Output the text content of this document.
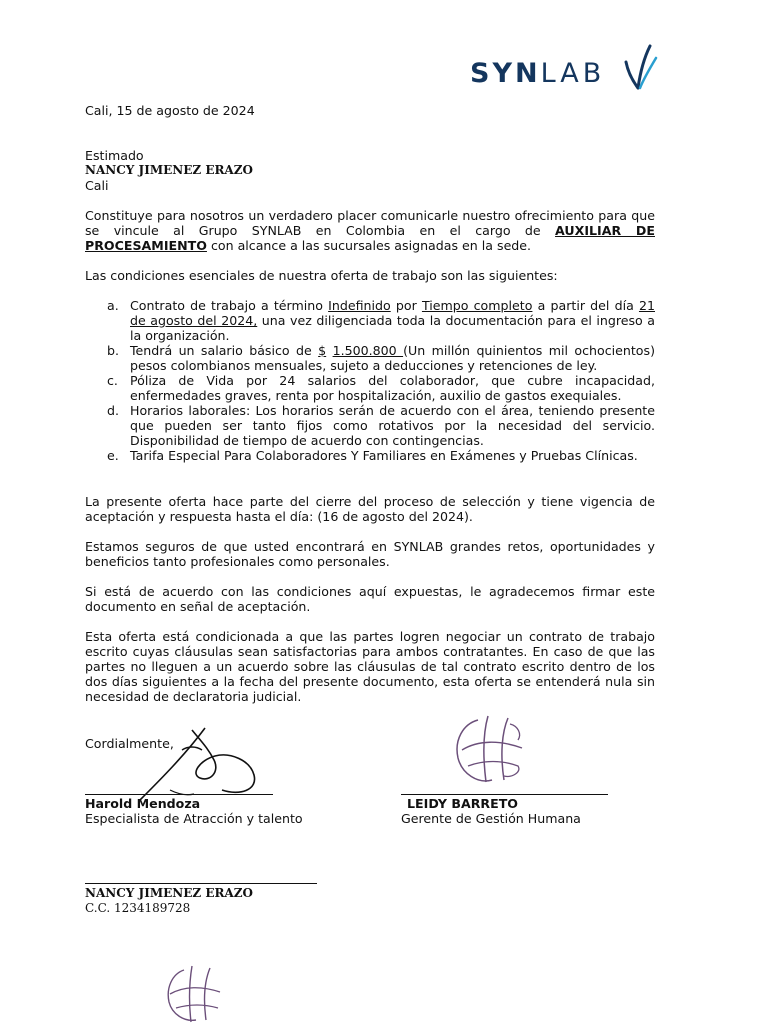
SYNLAB
Cali, 15 de agosto de 2024
Estimado
NANCY JIMENEZ ERAZO
Cali
Constituye para nosotros un verdadero placer comunicarle nuestro ofrecimiento para que se vincule al Grupo SYNLAB en Colombia en el cargo de AUXILIAR DE PROCESAMIENTO con alcance a las sucursales asignadas en la sede.
Las condiciones esenciales de nuestra oferta de trabajo son las siguientes:
a. Contrato de trabajo a término Indefinido por Tiempo completo a partir del día 21 de agosto del 2024, una vez diligenciada toda la documentación para el ingreso a la organización.
b. Tendrá un salario básico de $ 1.500.800 (Un millón quinientos mil ochocientos) pesos colombianos mensuales, sujeto a deducciones y retenciones de ley.
c. Póliza de Vida por 24 salarios del colaborador, que cubre incapacidad, enfermedades graves, renta por hospitalización, auxilio de gastos exequiales.
d. Horarios laborales: Los horarios serán de acuerdo con el área, teniendo presente que pueden ser tanto fijos como rotativos por la necesidad del servicio. Disponibilidad de tiempo de acuerdo con contingencias.
e. Tarifa Especial Para Colaboradores Y Familiares en Exámenes y Pruebas Clínicas.
La presente oferta hace parte del cierre del proceso de selección y tiene vigencia de aceptación y respuesta hasta el día: (16 de agosto del 2024).
Estamos seguros de que usted encontrará en SYNLAB grandes retos, oportunidades y beneficios tanto profesionales como personales.
Si está de acuerdo con las condiciones aquí expuestas, le agradecemos firmar este documento en señal de aceptación.
Esta oferta está condicionada a que las partes logren negociar un contrato de trabajo escrito cuyas cláusulas sean satisfactorias para ambos contratantes. En caso de que las partes no lleguen a un acuerdo sobre las cláusulas de tal contrato escrito dentro de los dos días siguientes a la fecha del presente documento, esta oferta se entenderá nula sin necesidad de declaratoria judicial.
Cordialmente,
Harold Mendoza
Especialista de Atracción y talento
LEIDY BARRETO
Gerente de Gestión Humana
NANCY JIMENEZ ERAZO
C.C. 1234189728
